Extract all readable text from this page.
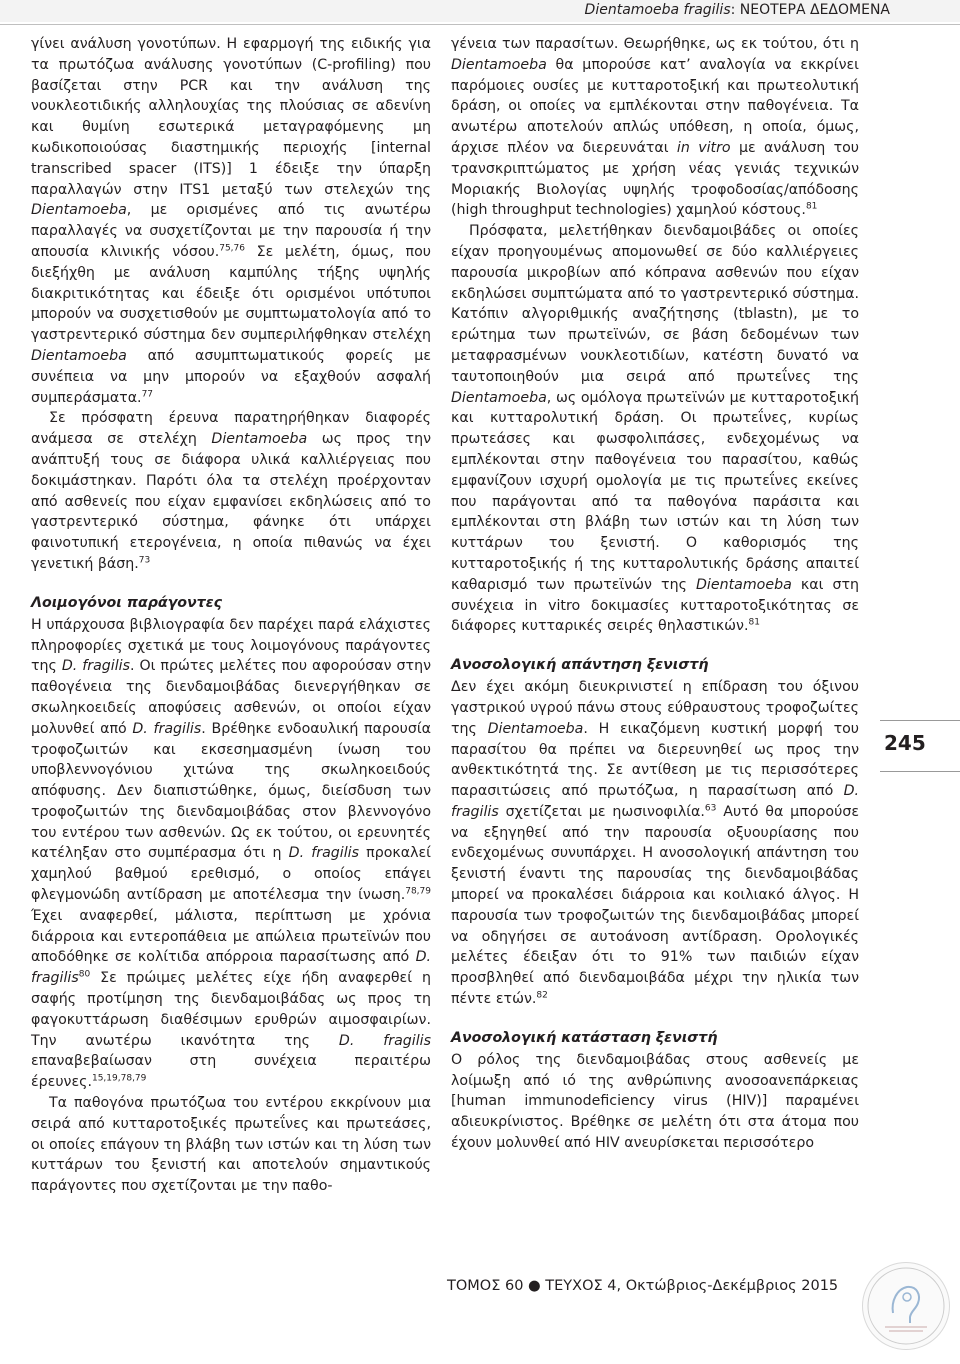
Dientamoeba fragilis: ΝΕΟΤΕΡΑ ΔΕΔΟΜΕΝΑ

γίνει ανάλυση γονοτύπων. Η εφαρμογή της ειδικής για τα πρωτόζωα ανάλυσης γονοτύπων (C-profiling) που βασίζεται στην PCR και την ανάλυση της νουκλεοτιδικής αλληλουχίας της πλούσιας σε αδενίνη και θυμίνη εσωτερικά μεταγραφόμενης μη κωδικοποιούσας διαστημικής περιοχής [internal transcribed spacer (ITS)] 1 έδειξε την ύπαρξη παραλλαγών στην ITS1 μεταξύ των στελεχών της Dientamoeba, με ορισμένες από τις ανωτέρω παραλλαγές να συσχετίζονται με την παρουσία ή την απουσία κλινικής νόσου.$^{75,76}$ Σε μελέτη, όμως, που διεξήχθη με ανάλυση καμπύλης τήξης υψηλής διακριτικότητας και έδειξε ότι ορισμένοι υπότυποι μπορούν να συσχετισθούν με συμπτωματολογία από το γαστρεντερικό σύστημα δεν συμπεριλήφθηκαν στελέχη Dientamoeba από ασυμπτωματικούς φορείς με συνέπεια να μην μπορούν να εξαχθούν ασφαλή συμπεράσματα.$^{77}$

Σε πρόσφατη έρευνα παρατηρήθηκαν διαφορές ανάμεσα σε στελέχη Dientamoeba ως προς την ανάπτυξή τους σε διάφορα υλικά καλλιέργειας που δοκιμάστηκαν. Παρότι όλα τα στελέχη προέρχονταν από ασθενείς που είχαν εμφανίσει εκδηλώσεις από το γαστρεντερικό σύστημα, φάνηκε ότι υπάρχει φαινοτυπική ετερογένεια, η οποία πιθανώς να έχει γενετική βάση.$^{73}$

Λοιμογόνοι παράγοντες

Η υπάρχουσα βιβλιογραφία δεν παρέχει παρά ελάχιστες πληροφορίες σχετικά με τους λοιμογόνους παράγοντες της D. fragilis. Οι πρώτες μελέτες που αφορούσαν στην παθογένεια της διενδαμοιβάδας διενεργήθηκαν σε σκωληκοειδείς αποφύσεις ασθενών, οι οποίοι είχαν μολυνθεί από D. fragilis. Βρέθηκε ενδοαυλική παρουσία τροφοζωιτών και εκσεσημασμένη ίνωση του υποβλεννογόνιου χιτώνα της σκωληκοειδούς απόφυσης. Δεν διαπιστώθηκε, όμως, διείσδυση των τροφοζωιτών της διενδαμοιβάδας στον βλεννογόνο του εντέρου των ασθενών. Ως εκ τούτου, οι ερευνητές κατέληξαν στο συμπέρασμα ότι η D. fragilis προκαλεί χαμηλού βαθμού ερεθισμό, ο οποίος επάγει φλεγμονώδη αντίδραση με αποτέλεσμα την ίνωση.$^{78,79}$ Έχει αναφερθεί, μάλιστα, περίπτωση με χρόνια διάρροια και εντεροπάθεια με απώλεια πρωτεϊνών που αποδόθηκε σε κολίτιδα απόρροια παρασίτωσης από D. fragilis$^{80}$ Σε πρώιμες μελέτες είχε ήδη αναφερθεί η σαφής προτίμηση της διενδαμοιβάδας ως προς τη φαγοκυττάρωση διαθέσιμων ερυθρών αιμοσφαιρίων. Την ανωτέρω ικανότητα της D. fragilis επαναβεβαίωσαν στη συνέχεια περαιτέρω έρευνες.$^{15,19,78,79}$

Τα παθογόνα πρωτόζωα του εντέρου εκκρίνουν μια σειρά από κυτταροτοξικές πρωτεΐνες και πρωτεάσες, οι οποίες επάγουν τη βλάβη των ιστών και τη λύση των κυττάρων του ξενιστή και αποτελούν σημαντικούς παράγοντες που σχετίζονται με την παθο-

γένεια των παρασίτων. Θεωρήθηκε, ως εκ τούτου, ότι η Dientamoeba θα μπορούσε κατ’ αναλογία να εκκρίνει παρόμοιες ουσίες με κυτταροτοξική και πρωτεολυτική δράση, οι οποίες να εμπλέκονται στην παθογένεια. Τα ανωτέρω αποτελούν απλώς υπόθεση, η οποία, όμως, άρχισε πλέον να διερευνάται in vitro με ανάλυση του τρανσκριπτώματος με χρήση νέας γενιάς τεχνικών Μοριακής Βιολογίας υψηλής τροφοδοσίας/απόδοσης (high throughput technologies) χαμηλού κόστους.$^{81}$

Πρόσφατα, μελετήθηκαν διενδαμοιβάδες οι οποίες είχαν προηγουμένως απομονωθεί σε δύο καλλιέργειες παρουσία μικροβίων από κόπρανα ασθενών που είχαν εκδηλώσει συμπτώματα από το γαστρεντερικό σύστημα. Κατόπιν αλγοριθμικής αναζήτησης (tblastn), με το ερώτημα των πρωτεϊνών, σε βάση δεδομένων των μεταφρασμένων νουκλεοτιδίων, κατέστη δυνατό να ταυτοποιηθούν μια σειρά από πρωτεΐνες της Dientamoeba, ως ομόλογα πρωτεϊνών με κυτταροτοξική και κυτταρολυτική δράση. Οι πρωτεΐνες, κυρίως πρωτεάσες και φωσφολιπάσες, ενδεχομένως να εμπλέκονται στην παθογένεια του παρασίτου, καθώς εμφανίζουν ισχυρή ομολογία με τις πρωτεΐνες εκείνες που παράγονται από τα παθογόνα παράσιτα και εμπλέκονται στη βλάβη των ιστών και τη λύση των κυττάρων του ξενιστή. Ο καθορισμός της κυτταροτοξικής ή της κυτταρολυτικής δράσης απαιτεί καθαρισμό των πρωτεϊνών της Dientamoeba και στη συνέχεια in vitro δοκιμασίες κυτταροτοξικότητας σε διάφορες κυτταρικές σειρές θηλαστικών.$^{81}$

Ανοσολογική απάντηση ξενιστή

Δεν έχει ακόμη διευκρινιστεί η επίδραση του όξινου γαστρικού υγρού πάνω στους εύθραυστους τροφοζωίτες της Dientamoeba. Η εικαζόμενη κυστική μορφή του παρασίτου θα πρέπει να διερευνηθεί ως προς την ανθεκτικότητά της. Σε αντίθεση με τις περισσότερες παρασιτώσεις από πρωτόζωα, η παρασίτωση από D. fragilis σχετίζεται με ηωσινοφιλία.$^{63}$ Αυτό θα μπορούσε να εξηγηθεί από την παρουσία οξυουρίασης που ενδεχομένως συνυπάρχει. Η ανοσολογική απάντηση του ξενιστή έναντι της παρουσίας της διενδαμοιβάδας μπορεί να προκαλέσει διάρροια και κοιλιακό άλγος. Η παρουσία των τροφοζωιτών της διενδαμοιβάδας μπορεί να οδηγήσει σε αυτοάνοση αντίδραση. Ορολογικές μελέτες έδειξαν ότι το 91% των παιδιών είχαν προσβληθεί από διενδαμοιβάδα μέχρι την ηλικία των πέντε ετών.$^{82}$

Ανοσολογική κατάσταση ξενιστή

Ο ρόλος της διενδαμοιβάδας στους ασθενείς με λοίμωξη από ιό της ανθρώπινης ανοσοανεπάρκειας [human immunodeficiency virus (HIV)] παραμένει αδιευκρίνιστος. Βρέθηκε σε μελέτη ότι στα άτομα που έχουν μολυνθεί από HIV ανευρίσκεται περισσότερο

245
ΤΟΜΟΣ 60 ● ΤΕΥΧΟΣ 4, Οκτώβριος-Δεκέμβριος 2015
